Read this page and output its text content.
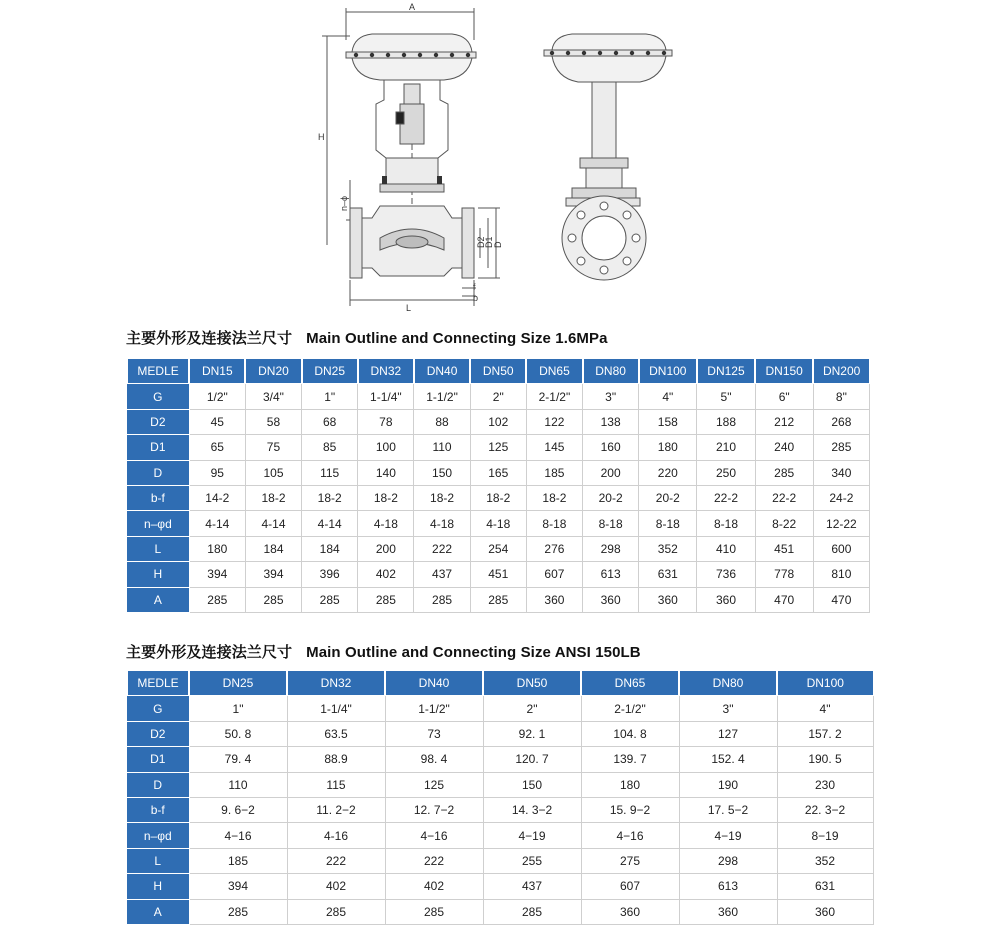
A
H
n–ϕ
D2
D1 D
L
f
b
主要外形及连接法兰尺寸 Main Outline and Connecting Size 1.6MPa
MEDLE	DN15	DN20	DN25	DN32	DN40	DN50	DN65	DN80	DN100	DN125	DN150	DN200
G	1/2"	3/4"	1"	1-1/4"	1-1/2"	2"	2-1/2"	3"	4"	5"	6"	8"
D2	45	58	68	78	88	102	122	138	158	188	212	268
D1	65	75	85	100	110	125	145	160	180	210	240	285
D	95	105	115	140	150	165	185	200	220	250	285	340
b-f	14-2	18-2	18-2	18-2	18-2	18-2	18-2	20-2	20-2	22-2	22-2	24-2
n–φd	4-14	4-14	4-14	4-18	4-18	4-18	8-18	8-18	8-18	8-18	8-22	12-22
L	180	184	184	200	222	254	276	298	352	410	451	600
H	394	394	396	402	437	451	607	613	631	736	778	810
A	285	285	285	285	285	285	360	360	360	360	470	470
主要外形及连接法兰尺寸 Main Outline and Connecting Size ANSI 150LB
MEDLE	DN25	DN32	DN40	DN50	DN65	DN80	DN100
G	1"	1-1/4"	1-1/2"	2"	2-1/2"	3"	4"
D2	50. 8	63.5	73	92. 1	104. 8	127	157. 2
D1	79. 4	88.9	98. 4	120. 7	139. 7	152. 4	190. 5
D	110	115	125	150	180	190	230
b-f	9. 6−2	11. 2−2	12. 7−2	14. 3−2	15. 9−2	17. 5−2	22. 3−2
n–φd	4−16	4-16	4−16	4−19	4−16	4−19	8−19
L	185	222	222	255	275	298	352
H	394	402	402	437	607	613	631
A	285	285	285	285	360	360	360
